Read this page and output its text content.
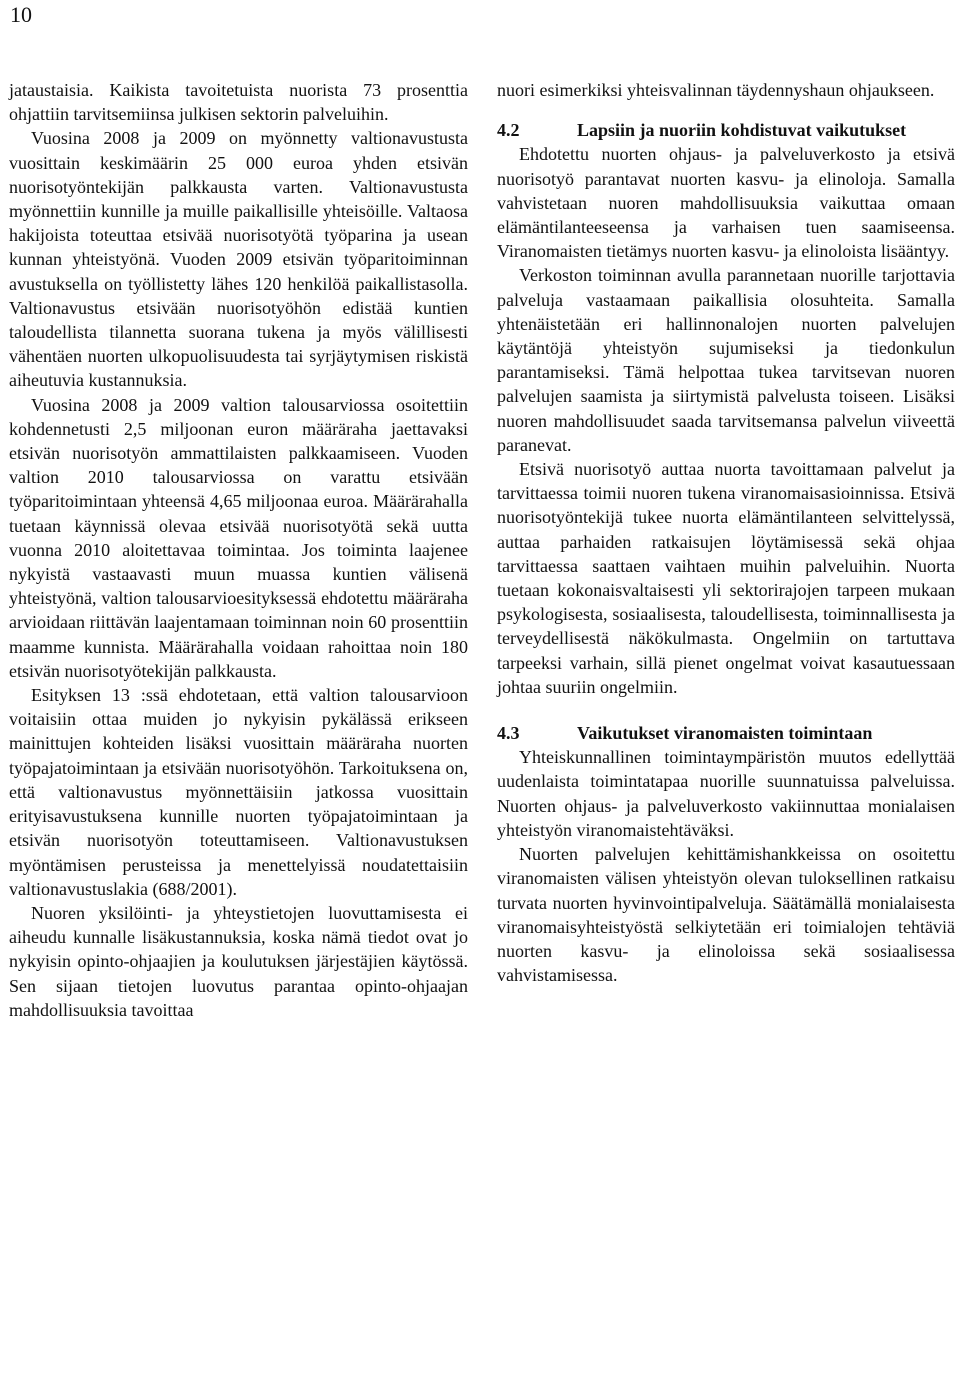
10

jataustaisia. Kaikista tavoitetuista nuorista 73 prosenttia ohjattiin tarvitsemiinsa julkisen sektorin palveluihin.

Vuosina 2008 ja 2009 on myönnetty valtionavustusta vuosittain keskimäärin 25 000 euroa yhden etsivän nuorisotyöntekijän palkkausta varten. Valtionavustusta myönnettiin kunnille ja muille paikallisille yhteisöille. Valtaosa hakijoista toteuttaa etsivää nuorisotyötä työparina ja usean kunnan yhteistyönä. Vuoden 2009 etsivän työparitoiminnan avustuksella on työllistetty lähes 120 henkilöä paikallistasolla. Valtionavustus etsivään nuorisotyöhön edistää kuntien taloudellista tilannetta suorana tukena ja myös välillisesti vähentäen nuorten ulkopuolisuudesta tai syrjäytymisen riskistä aiheutuvia kustannuksia.

Vuosina 2008 ja 2009 valtion talousarviossa osoitettiin kohdennetusti 2,5 miljoonan euron määräraha jaettavaksi etsivän nuorisotyön ammattilaisten palkkaamiseen. Vuoden valtion 2010 talousarviossa on varattu etsivään työparitoimintaan yhteensä 4,65 miljoonaa euroa. Määrärahalla tuetaan käynnissä olevaa etsivää nuorisotyötä sekä uutta vuonna 2010 aloitettavaa toimintaa. Jos toiminta laajenee nykyistä vastaavasti muun muassa kuntien välisenä yhteistyönä, valtion talousarvioesityksessä ehdotettu määräraha arvioidaan riittävän laajentamaan toiminnan noin 60 prosenttiin maamme kunnista. Määrärahalla voidaan rahoittaa noin 180 etsivän nuorisotyötekijän palkkausta.

Esityksen 13 :ssä ehdotetaan, että valtion talousarvioon voitaisiin ottaa muiden jo nykyisin pykälässä erikseen mainittujen kohteiden lisäksi vuosittain määräraha nuorten työpajatoimintaan ja etsivään nuorisotyöhön. Tarkoituksena on, että valtionavustus myönnettäisiin jatkossa vuosittain erityisavustuksena kunnille nuorten työpajatoimintaan ja etsivän nuorisotyön toteuttamiseen. Valtionavustuksen myöntämisen perusteissa ja menettelyissä noudatettaisiin valtionavustuslakia (688/2001).

Nuoren yksilöinti- ja yhteystietojen luovuttamisesta ei aiheudu kunnalle lisäkustannuksia, koska nämä tiedot ovat jo nykyisin opinto-ohjaajien ja koulutuksen järjestäjien käytössä. Sen sijaan tietojen luovutus parantaa opinto-ohjaajan mahdollisuuksia tavoittaa

nuori esimerkiksi yhteisvalinnan täydennyshaun ohjaukseen.

4.2	Lapsiin ja nuoriin kohdistuvat vaikutukset

Ehdotettu nuorten ohjaus- ja palveluverkosto ja etsivä nuorisotyö parantavat nuorten kasvu- ja elinoloja. Samalla vahvistetaan nuoren mahdollisuuksia vaikuttaa omaan elämäntilanteeseensa ja varhaisen tuen saamiseensa. Viranomaisten tietämys nuorten kasvu- ja elinoloista lisääntyy.

Verkoston toiminnan avulla parannetaan nuorille tarjottavia palveluja vastaamaan paikallisia olosuhteita. Samalla yhtenäistetään eri hallinnonalojen nuorten palvelujen käytäntöjä yhteistyön sujumiseksi ja tiedonkulun parantamiseksi. Tämä helpottaa tukea tarvitsevan nuoren palvelujen saamista ja siirtymistä palvelusta toiseen. Lisäksi nuoren mahdollisuudet saada tarvitsemansa palvelun viiveettä paranevat.

Etsivä nuorisotyö auttaa nuorta tavoittamaan palvelut ja tarvittaessa toimii nuoren tukena viranomaisasioinnissa. Etsivä nuorisotyöntekijä tukee nuorta elämäntilanteen selvittelyssä, auttaa parhaiden ratkaisujen löytämisessä sekä ohjaa tarvittaessa saattaen vaihtaen muihin palveluihin. Nuorta tuetaan kokonaisvaltaisesti yli sektorirajojen tarpeen mukaan psykologisesta, sosiaalisesta, taloudellisesta, toiminnallisesta ja terveydellisestä näkökulmasta. Ongelmiin on tartuttava tarpeeksi varhain, sillä pienet ongelmat voivat kasautuessaan johtaa suuriin ongelmiin.

4.3	Vaikutukset viranomaisten toimintaan

Yhteiskunnallinen toimintaympäristön muutos edellyttää uudenlaista toimintatapaa nuorille suunnatuissa palveluissa. Nuorten ohjaus- ja palveluverkosto vakiinnuttaa monialaisen yhteistyön viranomaistehtäväksi.

Nuorten palvelujen kehittämishankkeissa on osoitettu viranomaisten välisen yhteistyön olevan tuloksellinen ratkaisu turvata nuorten hyvinvointipalveluja. Säätämällä monialaisesta viranomaisyhteistyöstä selkiytetään eri toimialojen tehtäviä nuorten kasvu- ja elinoloissa sekä sosiaalisessa vahvistamisessa.
